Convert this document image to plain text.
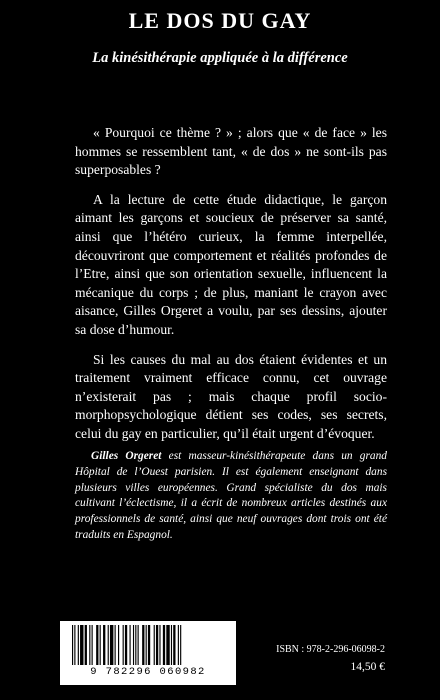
LE DOS DU GAY
La kinésithérapie appliquée à la différence

« Pourquoi ce thème ? » ; alors que « de face » les hommes se ressemblent tant, « de dos » ne sont-ils pas superposables ?

A la lecture de cette étude didactique, le garçon aimant les garçons et soucieux de préserver sa santé, ainsi que l’hétéro curieux, la femme interpellée, découvriront que comportement et réalités profondes de l’Etre, ainsi que son orientation sexuelle, influencent la mécanique du corps ; de plus, maniant le crayon avec aisance, Gilles Orgeret a voulu, par ses dessins, ajouter sa dose d’humour.

Si les causes du mal au dos étaient évidentes et un traitement vraiment efficace connu, cet ouvrage n’existerait pas ; mais chaque profil socio-morphopsychologique détient ses codes, ses secrets, celui du gay en particulier, qu’il était urgent d’évoquer.

Gilles Orgeret est masseur-kinésithérapeute dans un grand Hôpital de l’Ouest parisien. Il est également enseignant dans plusieurs villes européennes. Grand spécialiste du dos mais cultivant l’éclectisme, il a écrit de nombreux articles destinés aux professionnels de santé, ainsi que neuf ouvrages dont trois ont été traduits en Espagnol.

9 782296 060982
ISBN : 978-2-296-06098-2
14,50 €
